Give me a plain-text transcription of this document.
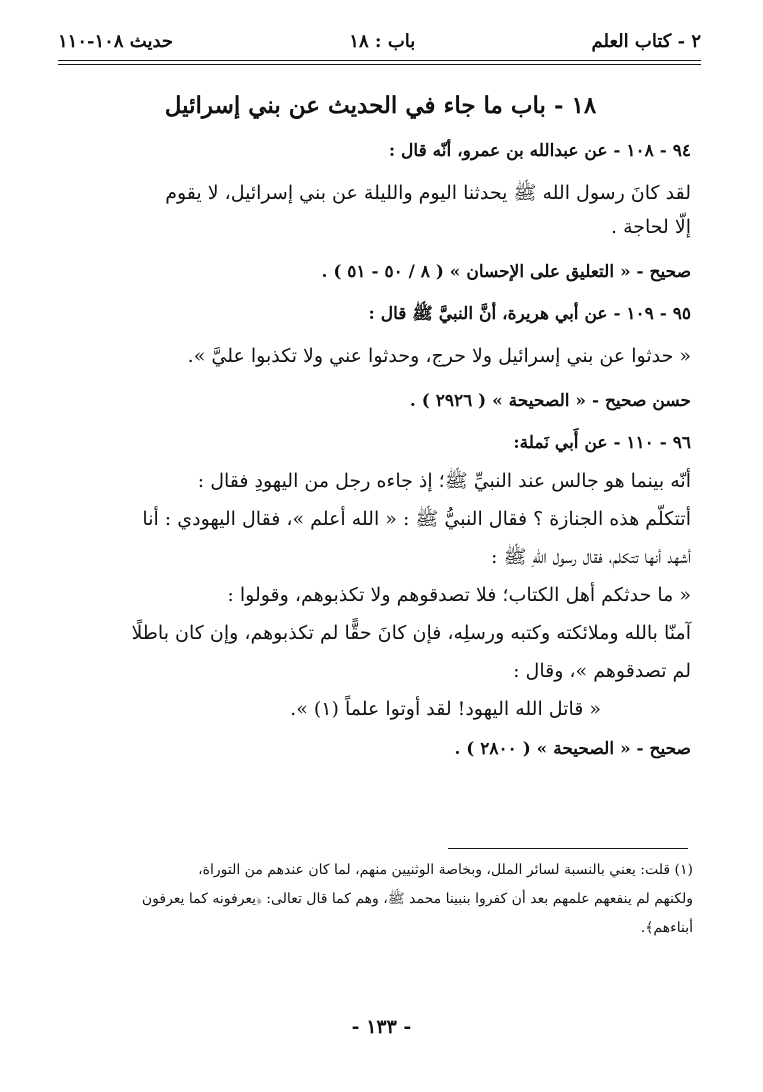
٢ - كتاب العلم
باب : ١٨
حديث ١٠٨-١١٠
١٨ - باب ما جاء في الحديث عن بني إسرائيل
٩٤ - ١٠٨ - عن عبدالله بن عمرو، أنّه قال :
لقد كانَ رسول الله ﷺ يحدثنا اليوم والليلة عن بني إسرائيل، لا يقوم
إلّا لحاجة .
صحيح - « التعليق على الإحسان » ( ٨ / ٥٠ - ٥١ ) .
٩٥ - ١٠٩ - عن أبي هريرة، أنَّ النبيَّ ﷺ قال :
« حدثوا عن بني إسرائيل ولا حرج، وحدثوا عني ولا تكذبوا عليَّ ».
حسن صحيح - « الصحيحة » ( ٢٩٢٦ ) .
٩٦ - ١١٠ - عن أَبي نَملة:
أنّه بينما هو جالس عند النبيِّ ﷺ؛ إذ جاءه رجل من اليهودِ فقال :
أتتكلّم هذه الجنازة ؟ فقال النبيُّ ﷺ : « الله أعلم »، فقال اليهودي : أنا
أشهد أنها تتكلم، فقال رسول اللهِ ﷺ :
« ما حدثكم أهل الكتاب؛ فلا تصدقوهم ولا تكذبوهم، وقولوا :
آمنّا بالله وملائكته وكتبه ورسلِه، فإن كانَ حقًّا لم تكذبوهم، وإن كان باطلًا
لم تصدقوهم »، وقال :
« قاتل الله اليهود! لقد أوتوا علماً (١) ».
صحيح - « الصحيحة » ( ٢٨٠٠ ) .
(١) قلت: يعني بالنسبة لسائر الملل، وبخاصة الوثنيين منهم، لما كان عندهم من التوراة،
ولكنهم لم ينفعهم علمهم بعد أن كفروا بنبينا محمد ﷺ، وهم كما قال تعالى: ﴿يعرفونه كما يعرفون
أبناءهم﴾.
- ١٣٣ -
